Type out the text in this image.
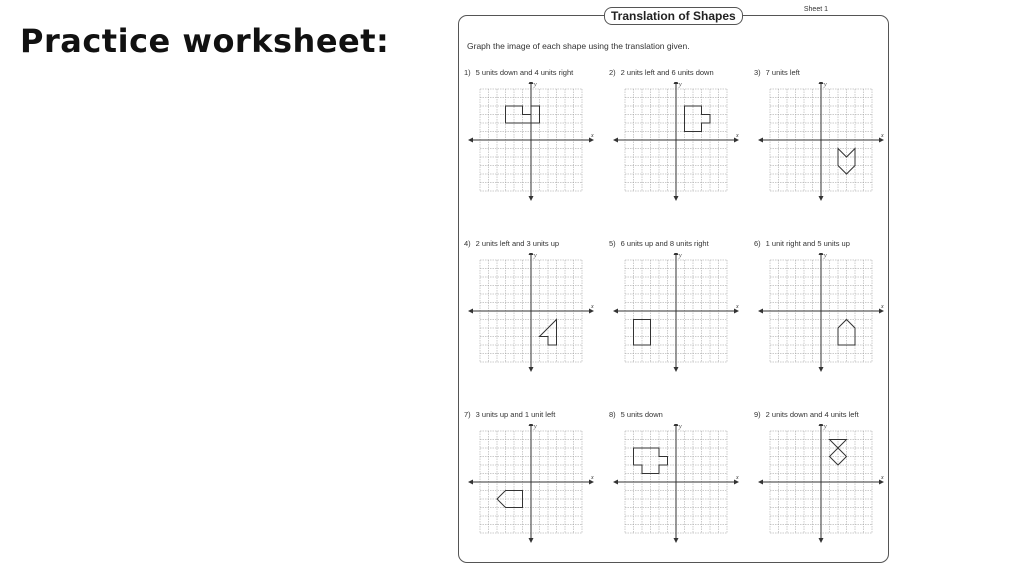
Practice worksheet:
Translation of Shapes	Sheet 1
Graph the image of each shape using the translation given.
1) 5 units down and 4 units right
x
y
2) 2 units left and 6 units down
x
y
3) 7 units left
x
y
4) 2 units left and 3 units up
x
y
5) 6 units up and 8 units right
x
y
6) 1 unit right and 5 units up
x
y
7) 3 units up and 1 unit left
x
y
8) 5 units down
x
y
9) 2 units down and 4 units left
x
y
